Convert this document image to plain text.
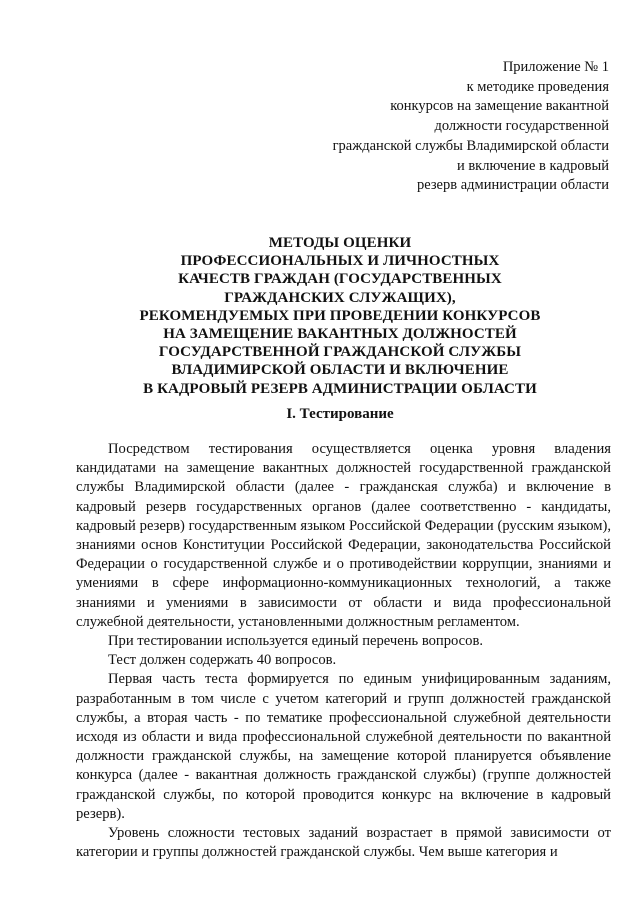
Приложение № 1
к методике проведения
конкурсов на замещение вакантной
должности государственной
гражданской службы Владимирской области
и включение в кадровый
резерв администрации области
МЕТОДЫ ОЦЕНКИ
ПРОФЕССИОНАЛЬНЫХ И ЛИЧНОСТНЫХ
КАЧЕСТВ ГРАЖДАН (ГОСУДАРСТВЕННЫХ
ГРАЖДАНСКИХ СЛУЖАЩИХ),
РЕКОМЕНДУЕМЫХ ПРИ ПРОВЕДЕНИИ КОНКУРСОВ
НА ЗАМЕЩЕНИЕ ВАКАНТНЫХ ДОЛЖНОСТЕЙ
ГОСУДАРСТВЕННОЙ ГРАЖДАНСКОЙ СЛУЖБЫ
ВЛАДИМИРСКОЙ ОБЛАСТИ И ВКЛЮЧЕНИЕ
В КАДРОВЫЙ РЕЗЕРВ АДМИНИСТРАЦИИ ОБЛАСТИ
I. Тестирование

Посредством тестирования осуществляется оценка уровня владения кандидатами на замещение вакантных должностей государственной гражданской службы Владимирской области (далее - гражданская служба) и включение в кадровый резерв государственных органов (далее соответственно - кандидаты, кадровый резерв) государственным языком Российской Федерации (русским языком), знаниями основ Конституции Российской Федерации, законодательства Российской Федерации о государственной службе и о противодействии коррупции, знаниями и умениями в сфере информационно-коммуникационных технологий, а также знаниями и умениями в зависимости от области и вида профессиональной служебной деятельности, установленными должностным регламентом.

При тестировании используется единый перечень вопросов.

Тест должен содержать 40 вопросов.

Первая часть теста формируется по единым унифицированным заданиям, разработанным в том числе с учетом категорий и групп должностей гражданской службы, а вторая часть - по тематике профессиональной служебной деятельности исходя из области и вида профессиональной служебной деятельности по вакантной должности гражданской службы, на замещение которой планируется объявление конкурса (далее - вакантная должность гражданской службы) (группе должностей гражданской службы, по которой проводится конкурс на включение в кадровый резерв).

Уровень сложности тестовых заданий возрастает в прямой зависимости от категории и группы должностей гражданской службы. Чем выше категория и
